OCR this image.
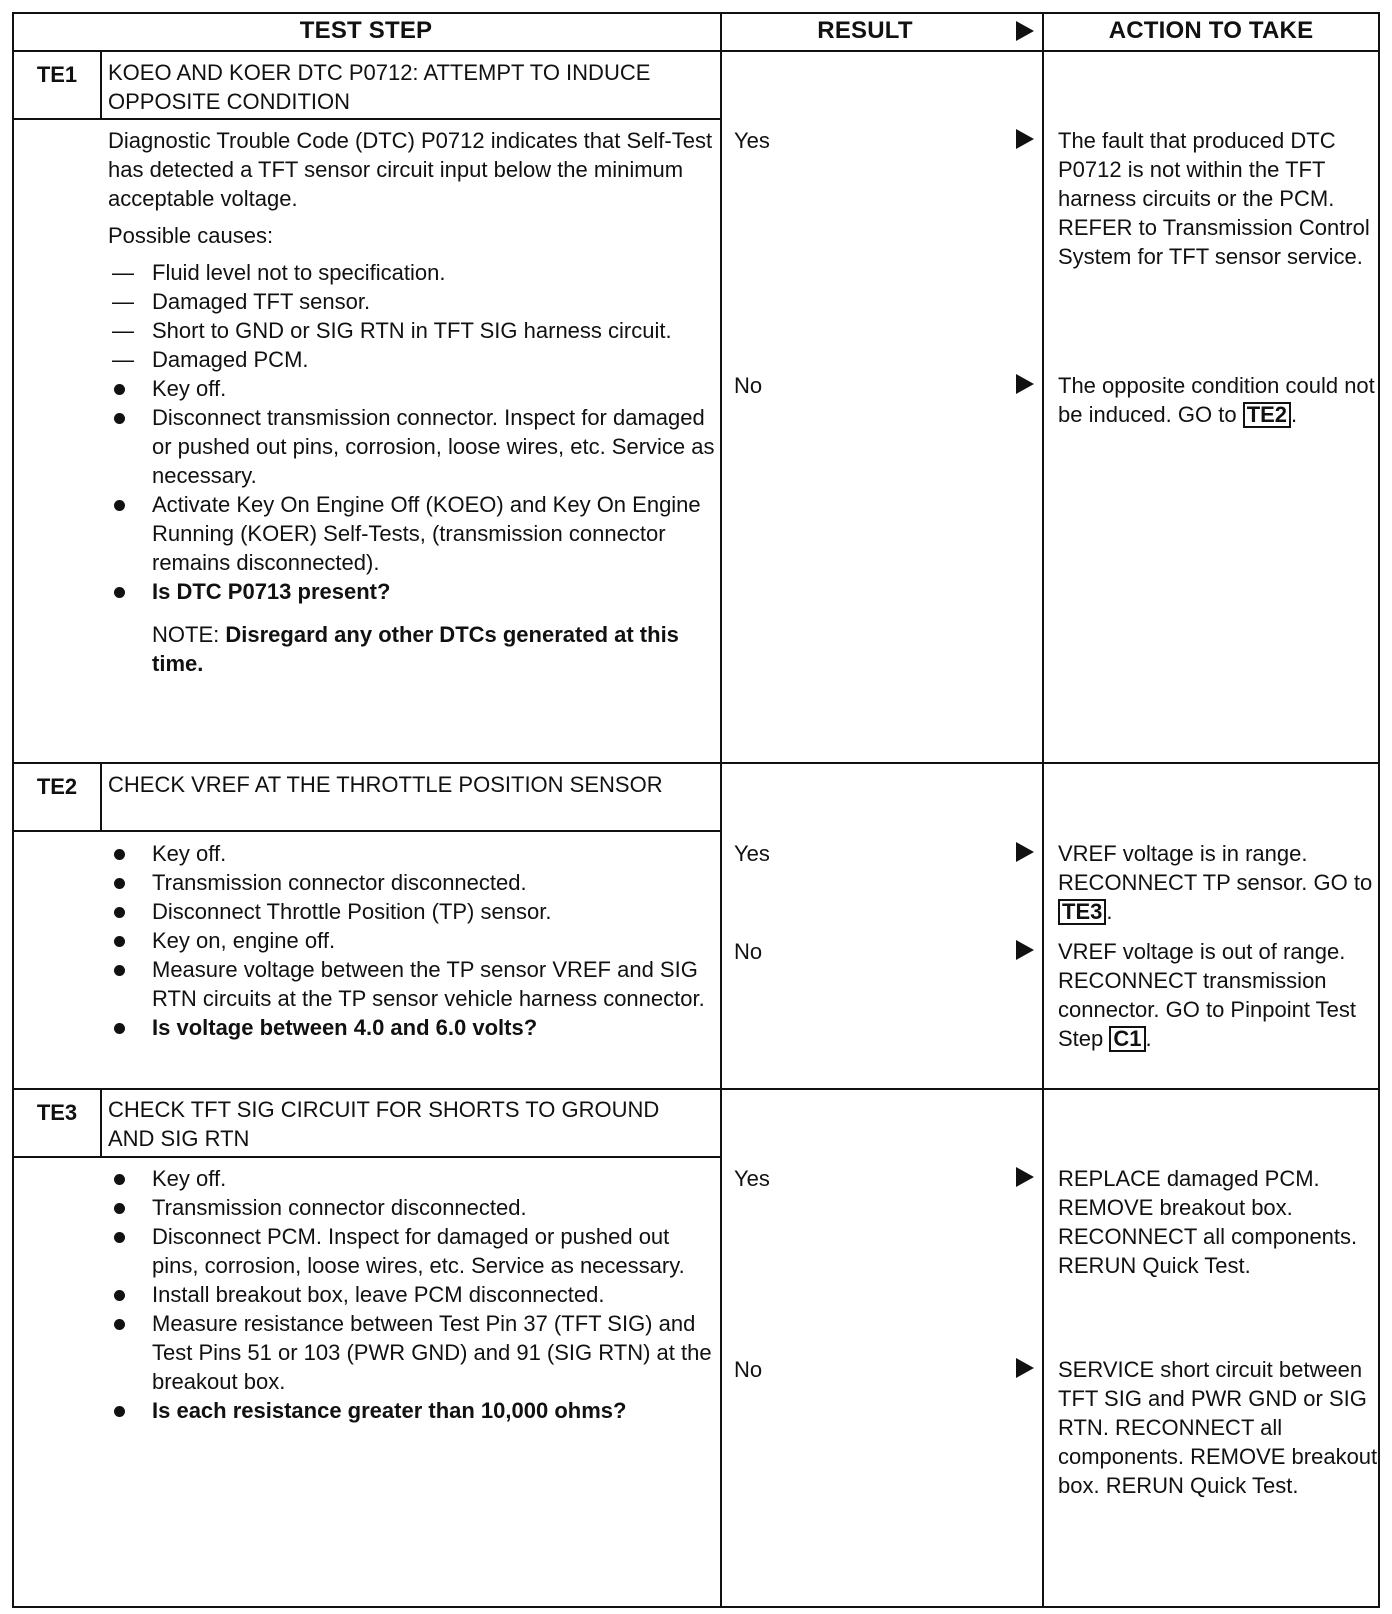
TEST STEP	RESULT	ACTION TO TAKE
TE1	KOEO AND KOER DTC P0712: ATTEMPT TO INDUCE OPPOSITE CONDITION

Diagnostic Trouble Code (DTC) P0712 indicates that Self-Test has detected a TFT sensor circuit input below the minimum acceptable voltage.

Possible causes:

— Fluid level not to specification.
— Damaged TFT sensor.
— Short to GND or SIG RTN in TFT SIG harness circuit.
— Damaged PCM.
Key off.
Disconnect transmission connector. Inspect for damaged or pushed out pins, corrosion, loose wires, etc. Service as necessary.
Activate Key On Engine Off (KOEO) and Key On Engine Running (KOER) Self-Tests, (transmission connector remains disconnected).
Is DTC P0713 present?

NOTE: Disregard any other DTCs generated at this time.

Yes	The fault that produced DTC P0712 is not within the TFT harness circuits or the PCM. REFER to Transmission Control System for TFT sensor service.

No	The opposite condition could not be induced. GO to TE2 .

TE2	CHECK VREF AT THE THROTTLE POSITION SENSOR
Key off.
Transmission connector disconnected.
Disconnect Throttle Position (TP) sensor.
Key on, engine off.
Measure voltage between the TP sensor VREF and SIG RTN circuits at the TP sensor vehicle harness connector.
Is voltage between 4.0 and 6.0 volts?
Yes	VREF voltage is in range. RECONNECT TP sensor. GO to TE3 .

No	VREF voltage is out of range. RECONNECT transmission connector. GO to Pinpoint Test Step C1 .

TE3	CHECK TFT SIG CIRCUIT FOR SHORTS TO GROUND AND SIG RTN
Key off.
Transmission connector disconnected.
Disconnect PCM. Inspect for damaged or pushed out pins, corrosion, loose wires, etc. Service as necessary.
Install breakout box, leave PCM disconnected.
Measure resistance between Test Pin 37 (TFT SIG) and Test Pins 51 or 103 (PWR GND) and 91 (SIG RTN) at the breakout box.
Is each resistance greater than 10,000 ohms?
Yes	REPLACE damaged PCM. REMOVE breakout box. RECONNECT all components. RERUN Quick Test.

No	SERVICE short circuit between TFT SIG and PWR GND or SIG RTN. RECONNECT all components. REMOVE breakout box. RERUN Quick Test.
